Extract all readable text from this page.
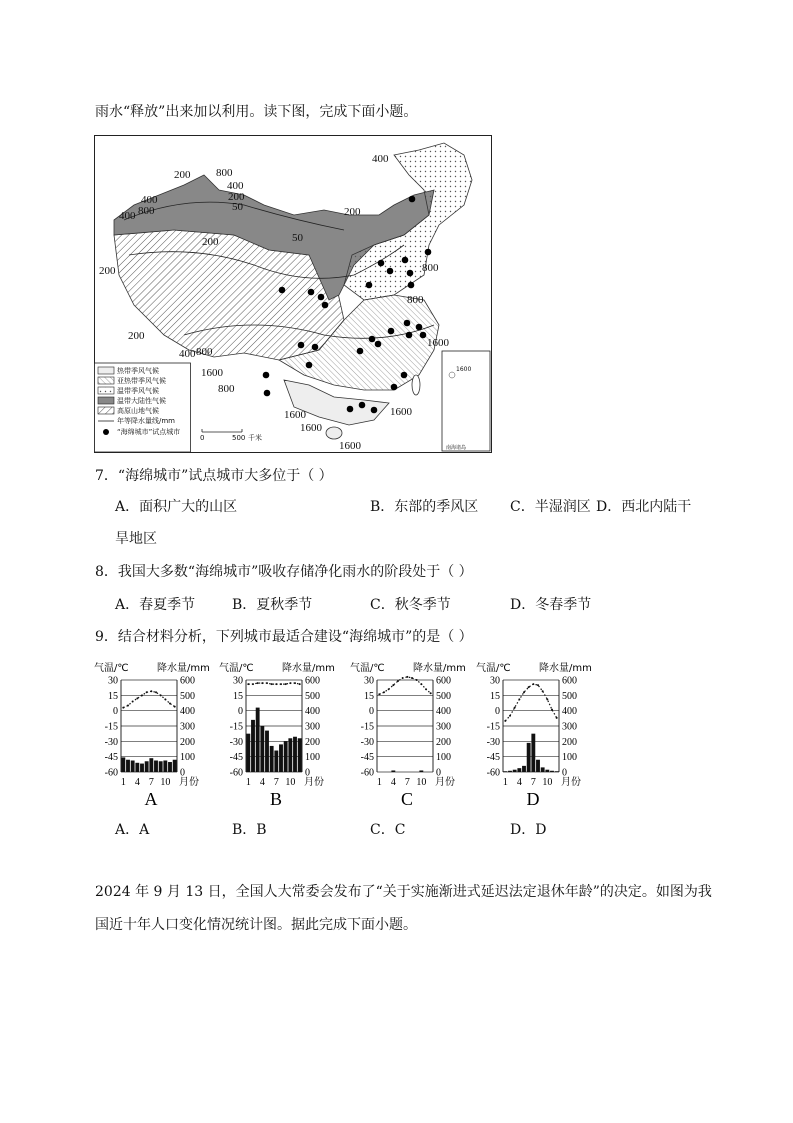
雨水“释放”出来加以利用。读下图，完成下面小题。
200 800
400
200
50
400
800
200	50
400
200	800
800
200
1600
400
1600
800
1600	1600
1600
1600
400
200
800
热带季风气候
亚热带季风气候
温带季风气候
温带大陆性气候
高原山地气候
年等降水量线/mm
“海绵城市”试点城市
0	500 千米
1600
南海诸岛
7．“海绵城市”试点城市大多位于（ ）
A．面积广大的山区	B．东部的季风区 C．半湿润区 D．西北内陆干
旱地区
8．我国大多数“海绵城市”吸收存储净化雨水的阶段处于（ ）
A．春夏季节	B．夏秋季节	C．秋冬季节	D．冬春季节
9．结合材料分析，下列城市最适合建设“海绵城市”的是（ ）
气温/℃	降水量/mm
30	600
15	500
0	400
-15	300
-30	200
-45	100
-60	0
1 4 7 10 月份
A
气温/℃	降水量/mm
30	600
15	500
0	400
-15	300
-30	200
-45	100
-60	0
1 4 7 10 月份
B
气温/℃	降水量/mm
30	600
15	500
0	400
-15	300
-30	200
-45	100
-60	0
1 4 7 10 月份
C
气温/℃	降水量/mm
30	600
15	500
0	400
-15	300
-30	200
-45	100
-60	0
1 4 7 10 月份
D
A．A	B．B	C．C	D．D
2024 年 9 月 13 日，全国人大常委会发布了“关于实施渐进式延迟法定退休年龄”的决定。如图为我
国近十年人口变化情况统计图。据此完成下面小题。
